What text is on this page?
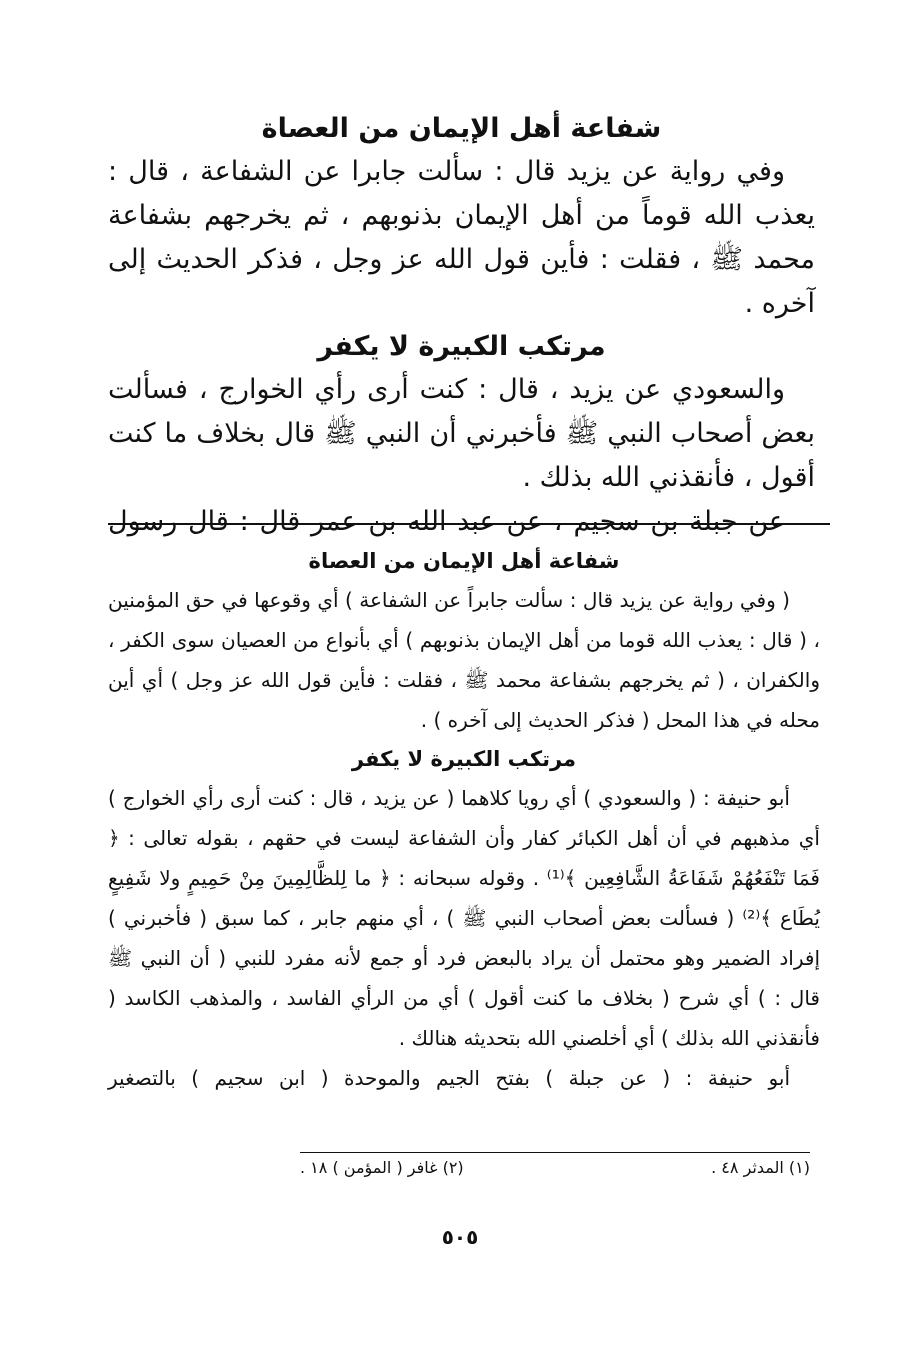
شفاعة أهل الإيمان من العصاة

وفي رواية عن يزيد قال : سألت جابرا عن الشفاعة ، قال : يعذب الله قوماً من أهل الإيمان بذنوبهم ، ثم يخرجهم بشفاعة محمد ﷺ ، فقلت : فأين قول الله عز وجل ، فذكر الحديث إلى آخره .

مرتكب الكبيرة لا يكفر

والسعودي عن يزيد ، قال : كنت أرى رأي الخوارج ، فسألت بعض أصحاب النبي ﷺ فأخبرني أن النبي ﷺ قال بخلاف ما كنت أقول ، فأنقذني الله بذلك .

عن جبلة بن سجيم ، عن عبد الله بن عمر قال : قال رسول

شفاعة أهل الإيمان من العصاة

( وفي رواية عن يزيد قال : سألت جابراً عن الشفاعة ) أي وقوعها في حق المؤمنين ، ( قال : يعذب الله قوما من أهل الإيمان بذنوبهم ) أي بأنواع من العصيان سوى الكفر ، والكفران ، ( ثم يخرجهم بشفاعة محمد ﷺ ، فقلت : فأين قول الله عز وجل ) أي أين محله في هذا المحل ( فذكر الحديث إلى آخره ) .

مرتكب الكبيرة لا يكفر

أبو حنيفة : ( والسعودي ) أي رويا كلاهما ( عن يزيد ، قال : كنت أرى رأي الخوارج ) أي مذهبهم في أن أهل الكبائر كفار وأن الشفاعة ليست في حقهم ، بقوله تعالى : ﴿ فَمَا تَنْفَعُهُمْ شَفَاعَةُ الشَّافِعِين ﴾⁽¹⁾ . وقوله سبحانه : ﴿ ما لِلظَّالِمِينَ مِنْ حَمِيمٍ ولا شَفِيعٍ يُطَاع ﴾⁽²⁾ ( فسألت بعض أصحاب النبي ﷺ ) ، أي منهم جابر ، كما سبق ( فأخبرني ) إفراد الضمير وهو محتمل أن يراد بالبعض فرد أو جمع لأنه مفرد للنبي ( أن النبي ﷺ قال : ) أي شرح ( بخلاف ما كنت أقول ) أي من الرأي الفاسد ، والمذهب الكاسد ( فأنقذني الله بذلك ) أي أخلصني الله بتحديثه هنالك .

أبو حنيفة : ( عن جبلة ) بفتح الجيم والموحدة ( ابن سجيم ) بالتصغير

(١) المدثر ٤٨ .
(٢) غافر ( المؤمن ) ١٨ .
٥٠٥
